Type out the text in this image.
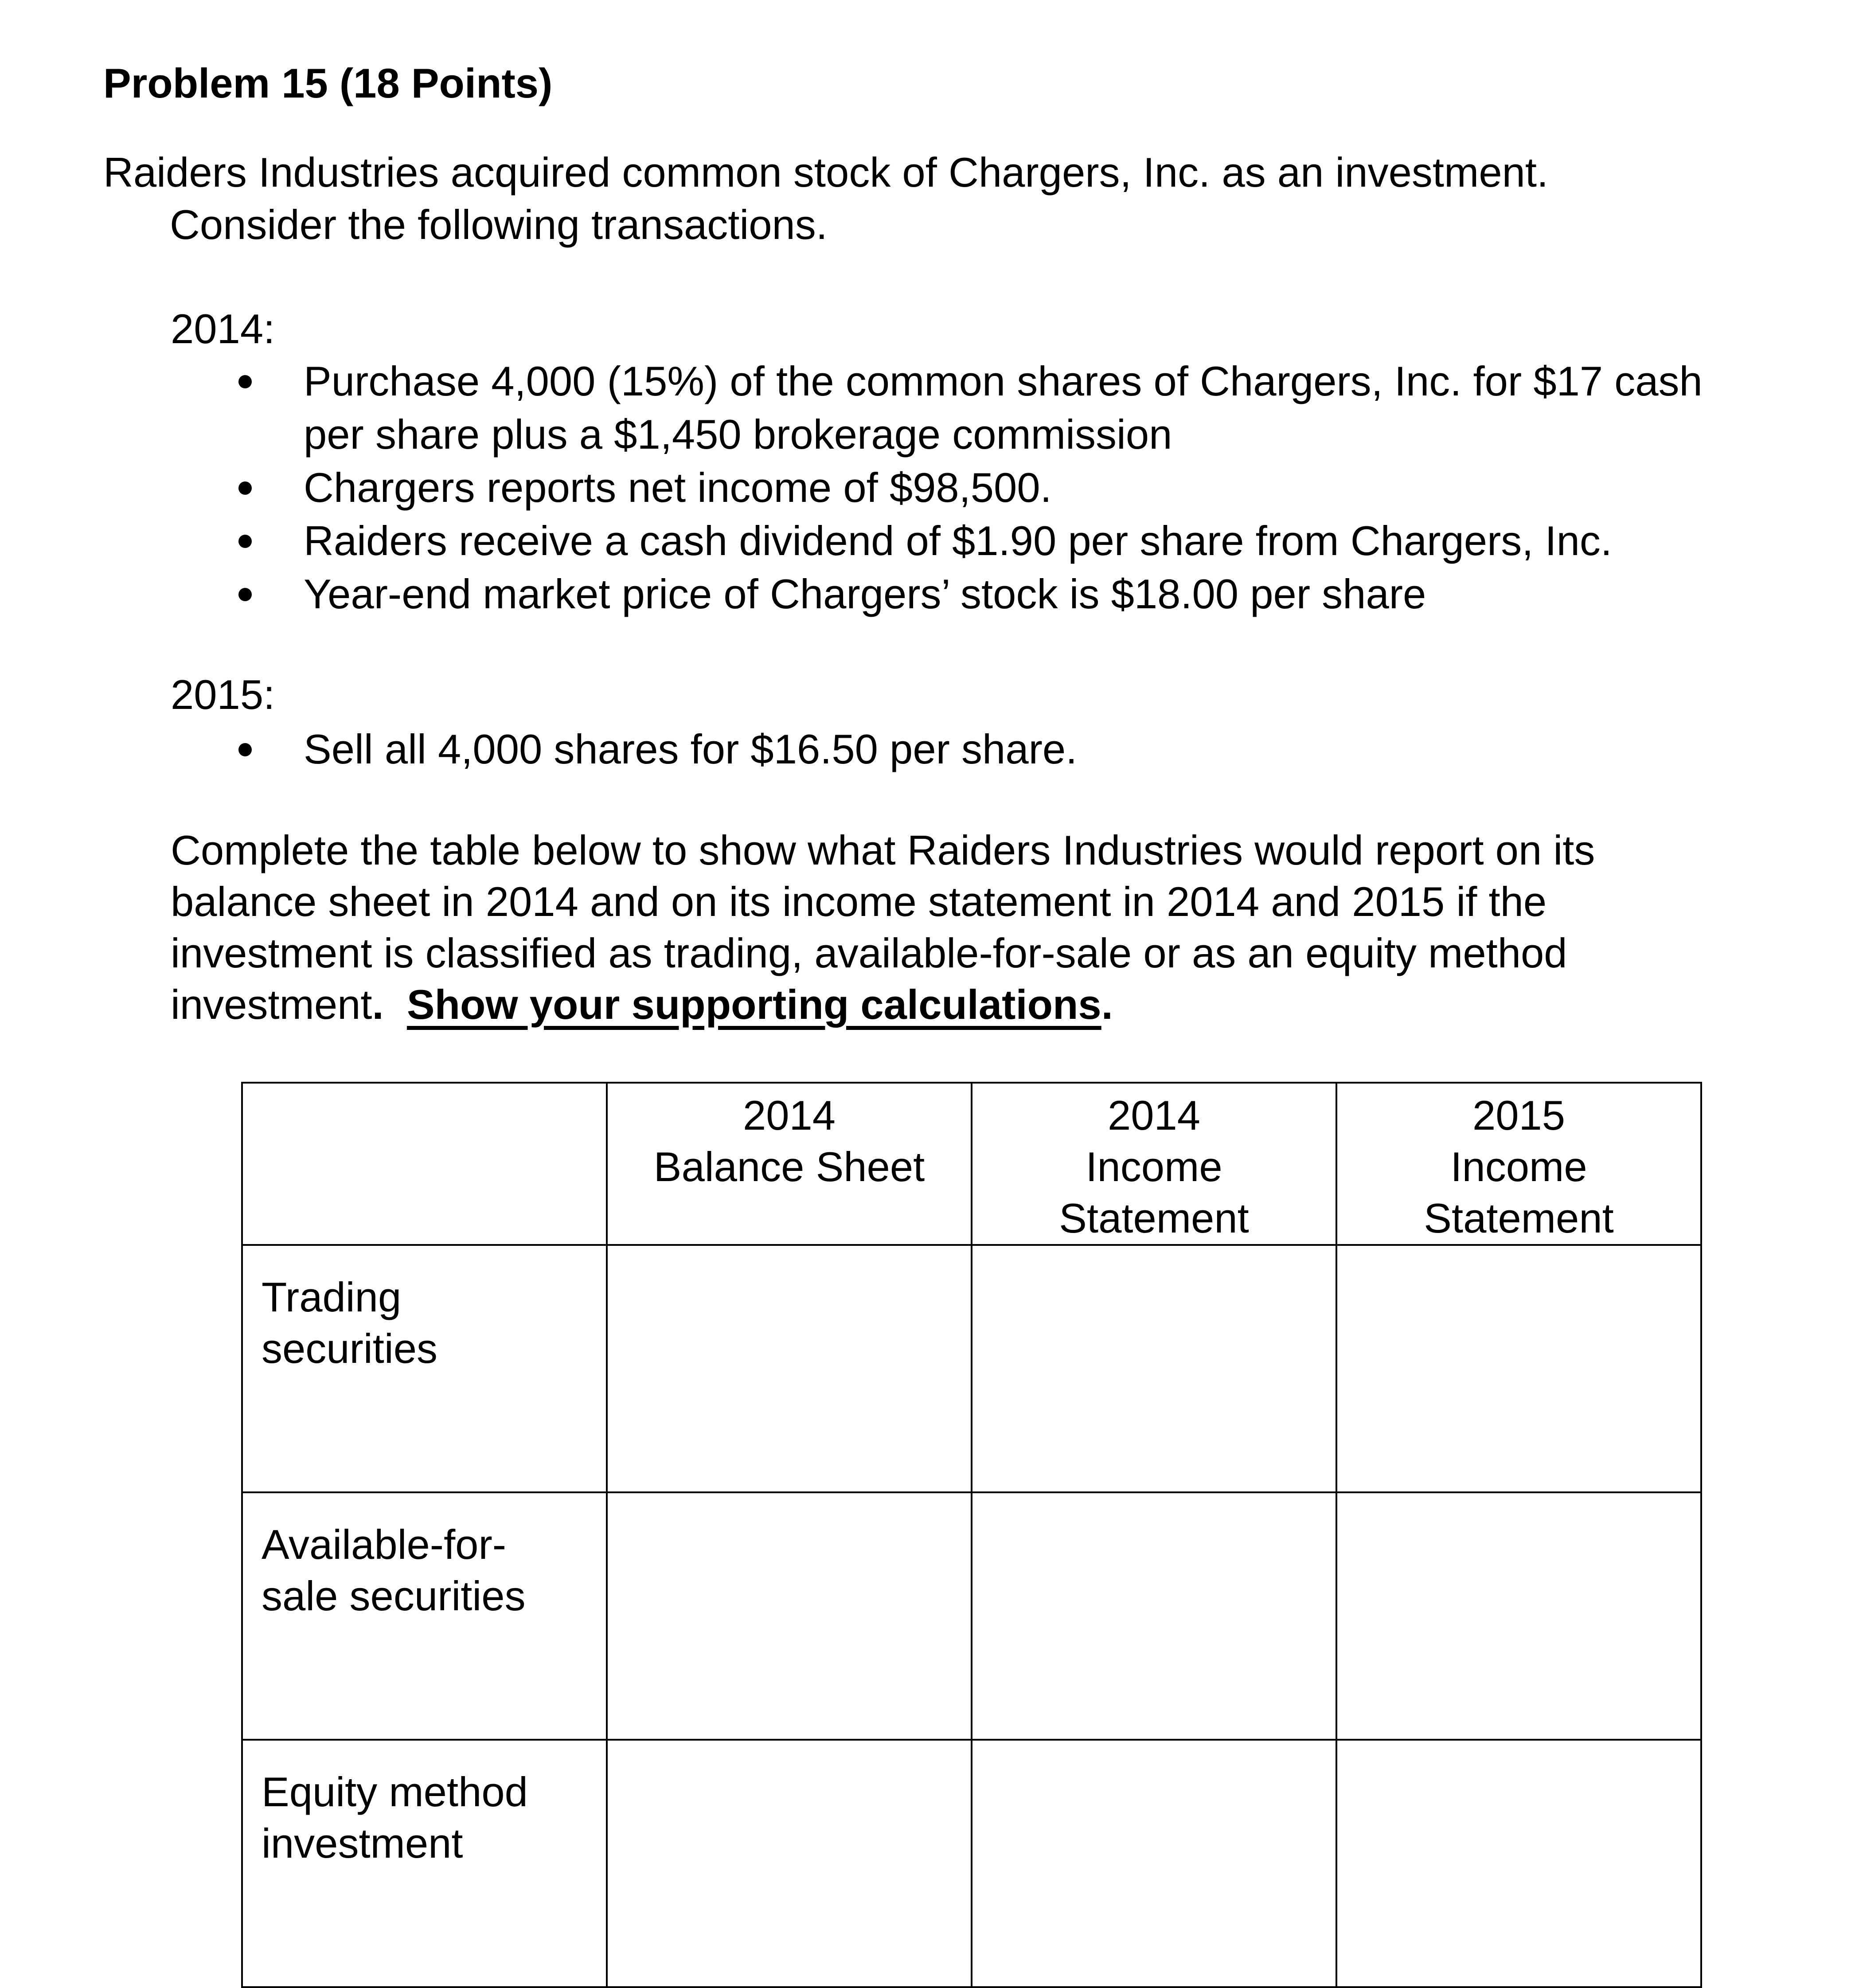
Problem 15 (18 Points)
Raiders Industries acquired common stock of Chargers, Inc. as an investment.
Consider the following transactions.
2014:
Purchase 4,000 (15%) of the common shares of Chargers, Inc. for $17 cash
per share plus a $1,450 brokerage commission
Chargers reports net income of $98,500.
Raiders receive a cash dividend of $1.90 per share from Chargers, Inc.
Year-end market price of Chargers’ stock is $18.00 per share
2015:
Sell all 4,000 shares for $16.50 per share.
Complete the table below to show what Raiders Industries would report on its
balance sheet in 2014 and on its income statement in 2014 and 2015 if the
investment is classified as trading, available-for-sale or as an equity method
investment. Show your supporting calculations.

	2014
Balance Sheet	2014
Income
Statement	2015
Income
Statement

Trading
securities			

Available-for-
sale securities			

Equity method
investment			
